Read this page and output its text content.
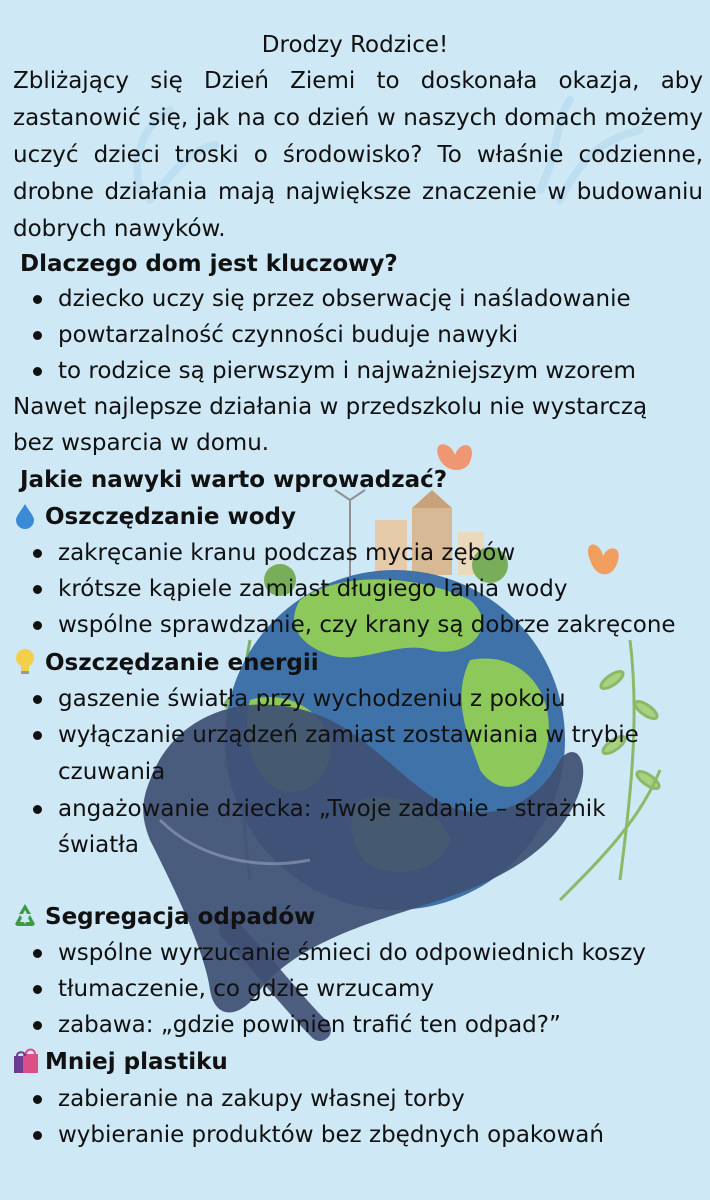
Drodzy Rodzice!

Zbliżający się Dzień Ziemi to doskonała okazja, aby zastanowić się, jak na co dzień w naszych domach możemy uczyć dzieci troski o środowisko? To właśnie codzienne, drobne działania mają największe znaczenie w budowaniu dobrych nawyków.

Dlaczego dom jest kluczowy?
dziecko uczy się przez obserwację i naśladowanie
powtarzalność czynności buduje nawyki
to rodzice są pierwszym i najważniejszym wzorem
Nawet najlepsze działania w przedszkolu nie wystarczą
bez wsparcia w domu.
Jakie nawyki warto wprowadzać?
Oszczędzanie wody
zakręcanie kranu podczas mycia zębów
krótsze kąpiele zamiast długiego lania wody
wspólne sprawdzanie, czy krany są dobrze zakręcone
Oszczędzanie energii
gaszenie światła przy wychodzeniu z pokoju
wyłączanie urządzeń zamiast zostawiania w trybie
czuwania
angażowanie dziecka: „Twoje zadanie – strażnik
światła
Segregacja odpadów
wspólne wyrzucanie śmieci do odpowiednich koszy
tłumaczenie, co gdzie wrzucamy
zabawa: „gdzie powinien trafić ten odpad?”
Mniej plastiku
zabieranie na zakupy własnej torby
wybieranie produktów bez zbędnych opakowań
